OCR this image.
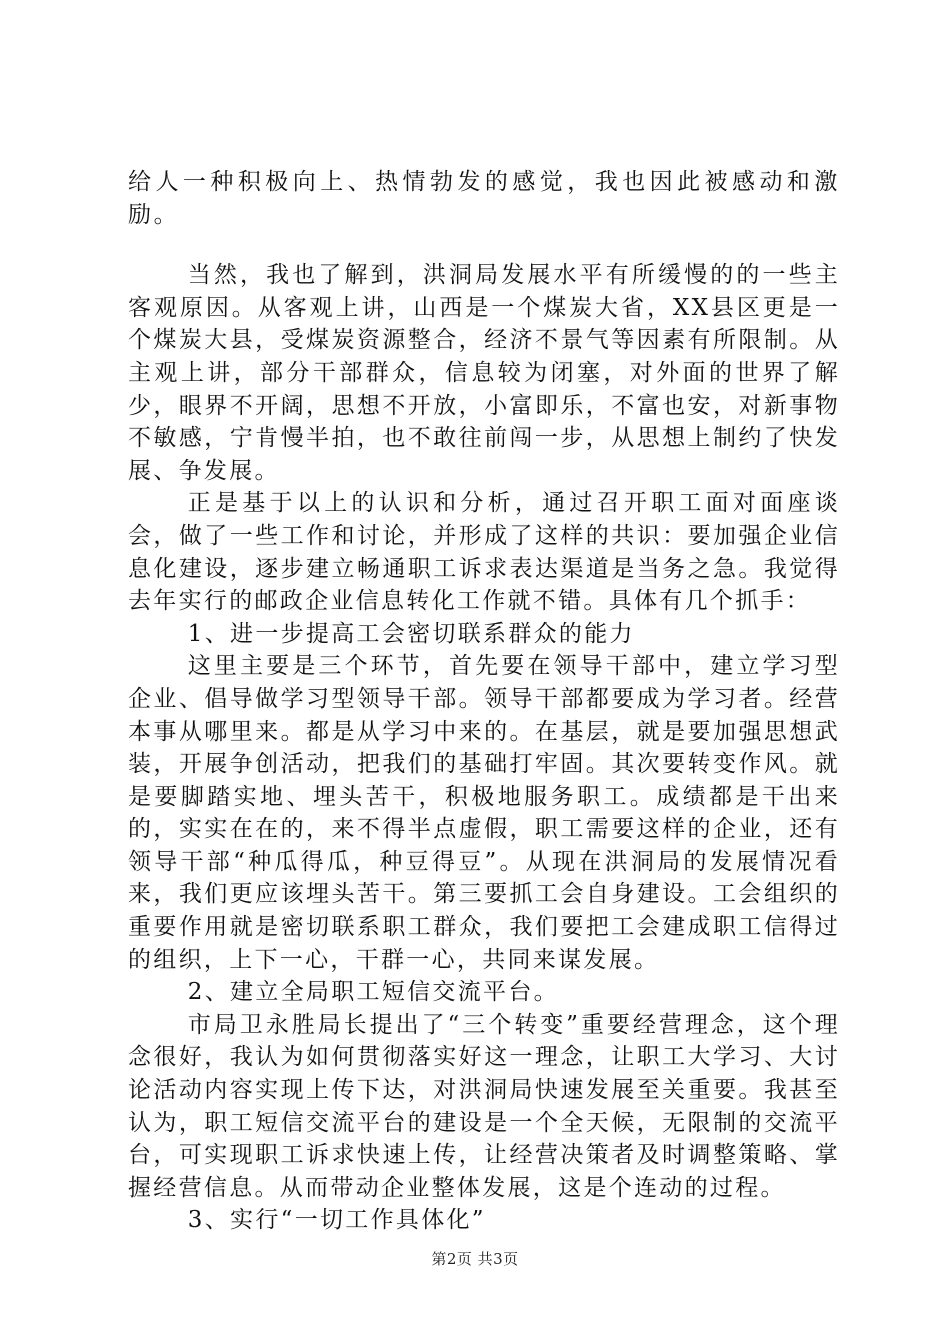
给人一种积极向上、热情勃发的感觉，我也因此被感动和激励。

当然，我也了解到，洪洞局发展水平有所缓慢的的一些主客观原因。从客观上讲，山西是一个煤炭大省，XX县区更是一个煤炭大县，受煤炭资源整合，经济不景气等因素有所限制。从主观上讲，部分干部群众，信息较为闭塞，对外面的世界了解少，眼界不开阔，思想不开放，小富即乐，不富也安，对新事物不敏感，宁肯慢半拍，也不敢往前闯一步，从思想上制约了快发展、争发展。

正是基于以上的认识和分析，通过召开职工面对面座谈会，做了一些工作和讨论，并形成了这样的共识：要加强企业信息化建设，逐步建立畅通职工诉求表达渠道是当务之急。我觉得去年实行的邮政企业信息转化工作就不错。具体有几个抓手：

1、进一步提高工会密切联系群众的能力

这里主要是三个环节，首先要在领导干部中，建立学习型企业、倡导做学习型领导干部。领导干部都要成为学习者。经营本事从哪里来。都是从学习中来的。在基层，就是要加强思想武装，开展争创活动，把我们的基础打牢固。其次要转变作风。就是要脚踏实地、埋头苦干，积极地服务职工。成绩都是干出来的，实实在在的，来不得半点虚假，职工需要这样的企业，还有领导干部“种瓜得瓜，种豆得豆”。从现在洪洞局的发展情况看来，我们更应该埋头苦干。第三要抓工会自身建设。工会组织的重要作用就是密切联系职工群众，我们要把工会建成职工信得过的组织，上下一心，干群一心，共同来谋发展。

2、建立全局职工短信交流平台。

市局卫永胜局长提出了“三个转变”重要经营理念，这个理念很好，我认为如何贯彻落实好这一理念，让职工大学习、大讨论活动内容实现上传下达，对洪洞局快速发展至关重要。我甚至认为，职工短信交流平台的建设是一个全天候，无限制的交流平台，可实现职工诉求快速上传，让经营决策者及时调整策略、掌握经营信息。从而带动企业整体发展，这是个连动的过程。

3、实行“一切工作具体化”

第2页 共3页
